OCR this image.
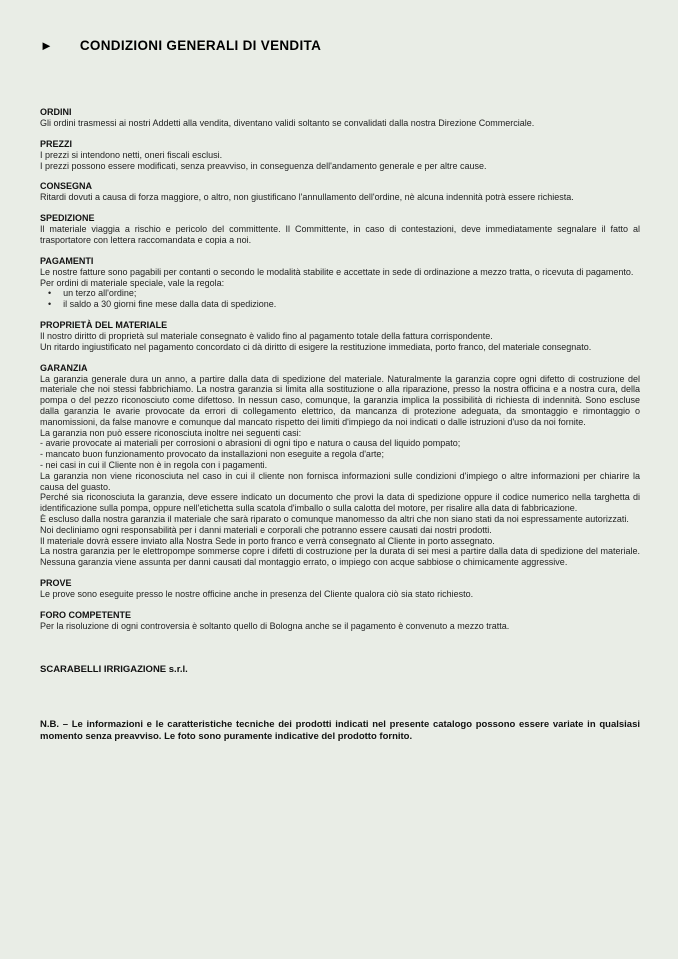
► CONDIZIONI GENERALI DI VENDITA
ORDINI

Gli ordini trasmessi ai nostri Addetti alla vendita, diventano validi soltanto se convalidati dalla nostra Direzione Commerciale.

PREZZI

I prezzi si intendono netti, oneri fiscali esclusi.

I prezzi possono essere modificati, senza preavviso, in conseguenza dell'andamento generale e per altre cause.

CONSEGNA

Ritardi dovuti a causa di forza maggiore, o altro, non giustificano l'annullamento dell'ordine, nè alcuna indennità potrà essere richiesta.

SPEDIZIONE

Il materiale viaggia a rischio e pericolo del committente. Il Committente, in caso di contestazioni, deve immediatamente segnalare il fatto al trasportatore con lettera raccomandata e copia a noi.

PAGAMENTI

Le nostre fatture sono pagabili per contanti o secondo le modalità stabilite e accettate in sede di ordinazione a mezzo tratta, o ricevuta di pagamento.

Per ordini di materiale speciale, vale la regola:

• un terzo all'ordine;
• il saldo a 30 giorni fine mese dalla data di spedizione.
PROPRIETÀ DEL MATERIALE

Il nostro diritto di proprietà sul materiale consegnato è valido fino al pagamento totale della fattura corrispondente.

Un ritardo ingiustificato nel pagamento concordato ci dà diritto di esigere la restituzione immediata, porto franco, del materiale consegnato.

GARANZIA

La garanzia generale dura un anno, a partire dalla data di spedizione del materiale. Naturalmente la garanzia copre ogni difetto di costruzione del materiale che noi stessi fabbrichiamo. La nostra garanzia si limita alla sostituzione o alla riparazione, presso la nostra officina e a nostra cura, della pompa o del pezzo riconosciuto come difettoso. In nessun caso, comunque, la garanzia implica la possibilità di richiesta di indennità. Sono escluse dalla garanzia le avarie provocate da errori di collegamento elettrico, da mancanza di protezione adeguata, da smontaggio e rimontaggio o manomissioni, da false manovre e comunque dal mancato rispetto dei limiti d'impiego da noi indicati o dalle istruzioni d'uso da noi fornite.

La garanzia non può essere riconosciuta inoltre nei seguenti casi:

- avarie provocate ai materiali per corrosioni o abrasioni di ogni tipo e natura o causa del liquido pompato;

- mancato buon funzionamento provocato da installazioni non eseguite a regola d'arte;

- nei casi in cui il Cliente non è in regola con i pagamenti.

La garanzia non viene riconosciuta nel caso in cui il cliente non fornisca informazioni sulle condizioni d'impiego o altre informazioni per chiarire la causa del guasto.

Perché sia riconosciuta la garanzia, deve essere indicato un documento che provi la data di spedizione oppure il codice numerico nella targhetta di identificazione sulla pompa, oppure nell'etichetta sulla scatola d'imballo o sulla calotta del motore, per risalire alla data di fabbricazione.

È escluso dalla nostra garanzia il materiale che sarà riparato o comunque manomesso da altri che non siano stati da noi espressamente autorizzati.

Noi decliniamo ogni responsabilità per i danni materiali e corporali che potranno essere causati dai nostri prodotti.

Il materiale dovrà essere inviato alla Nostra Sede in porto franco e verrà consegnato al Cliente in porto assegnato.

La nostra garanzia per le elettropompe sommerse copre i difetti di costruzione per la durata di sei mesi a partire dalla data di spedizione del materiale. Nessuna garanzia viene assunta per danni causati dal montaggio errato, o impiego con acque sabbiose o chimicamente aggressive.

PROVE

Le prove sono eseguite presso le nostre officine anche in presenza del Cliente qualora ciò sia stato richiesto.

FORO COMPETENTE

Per la risoluzione di ogni controversia è soltanto quello di Bologna anche se il pagamento è convenuto a mezzo tratta.

SCARABELLI IRRIGAZIONE s.r.l.
N.B. – Le informazioni e le caratteristiche tecniche dei prodotti indicati nel presente catalogo possono essere variate in qualsiasi momento senza preavviso. Le foto sono puramente indicative del prodotto fornito.
